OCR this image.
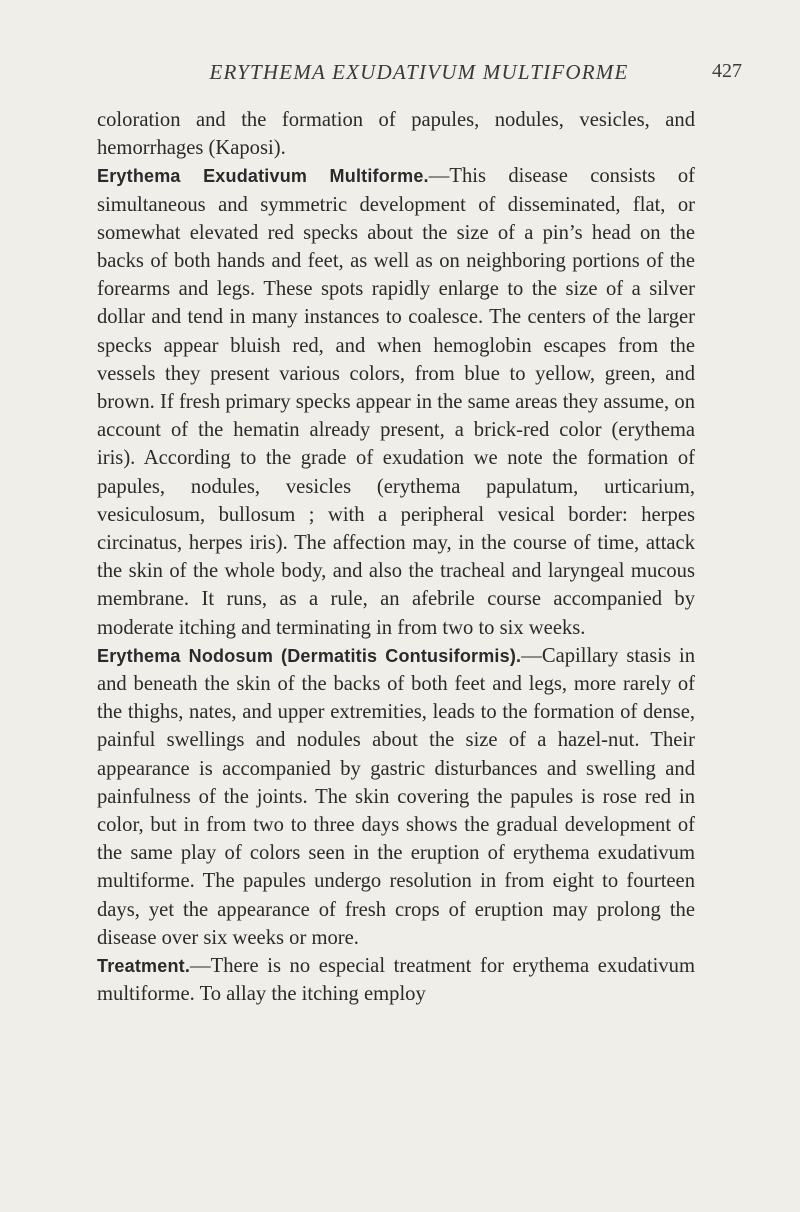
ERYTHEMA EXUDATIVUM MULTIFORME	427

coloration and the formation of papules, nodules, vesicles, and hemorrhages (Kaposi).

Erythema Exudativum Multiforme.—This disease consists of simultaneous and symmetric development of disseminated, flat, or somewhat elevated red specks about the size of a pin’s head on the backs of both hands and feet, as well as on neighboring portions of the forearms and legs. These spots rapidly enlarge to the size of a silver dollar and tend in many instances to coalesce. The centers of the larger specks appear bluish red, and when hemoglobin escapes from the vessels they present various colors, from blue to yellow, green, and brown. If fresh primary specks appear in the same areas they assume, on account of the hematin already present, a brick-red color (erythema iris). According to the grade of exudation we note the formation of papules, nodules, vesicles (erythema papulatum, urticarium, vesiculosum, bullosum ; with a peripheral vesical border: herpes circinatus, herpes iris). The affection may, in the course of time, attack the skin of the whole body, and also the tracheal and laryngeal mucous membrane. It runs, as a rule, an afebrile course accompanied by moderate itching and terminating in from two to six weeks.

Erythema Nodosum (Dermatitis Contusiformis).—Capillary stasis in and beneath the skin of the backs of both feet and legs, more rarely of the thighs, nates, and upper extremities, leads to the formation of dense, painful swellings and nodules about the size of a hazel-nut. Their appearance is accompanied by gastric disturbances and swelling and painfulness of the joints. The skin covering the papules is rose red in color, but in from two to three days shows the gradual development of the same play of colors seen in the eruption of erythema exudativum multiforme. The papules undergo resolution in from eight to fourteen days, yet the appearance of fresh crops of eruption may prolong the disease over six weeks or more.

Treatment.—There is no especial treatment for erythema exudativum multiforme. To allay the itching employ
